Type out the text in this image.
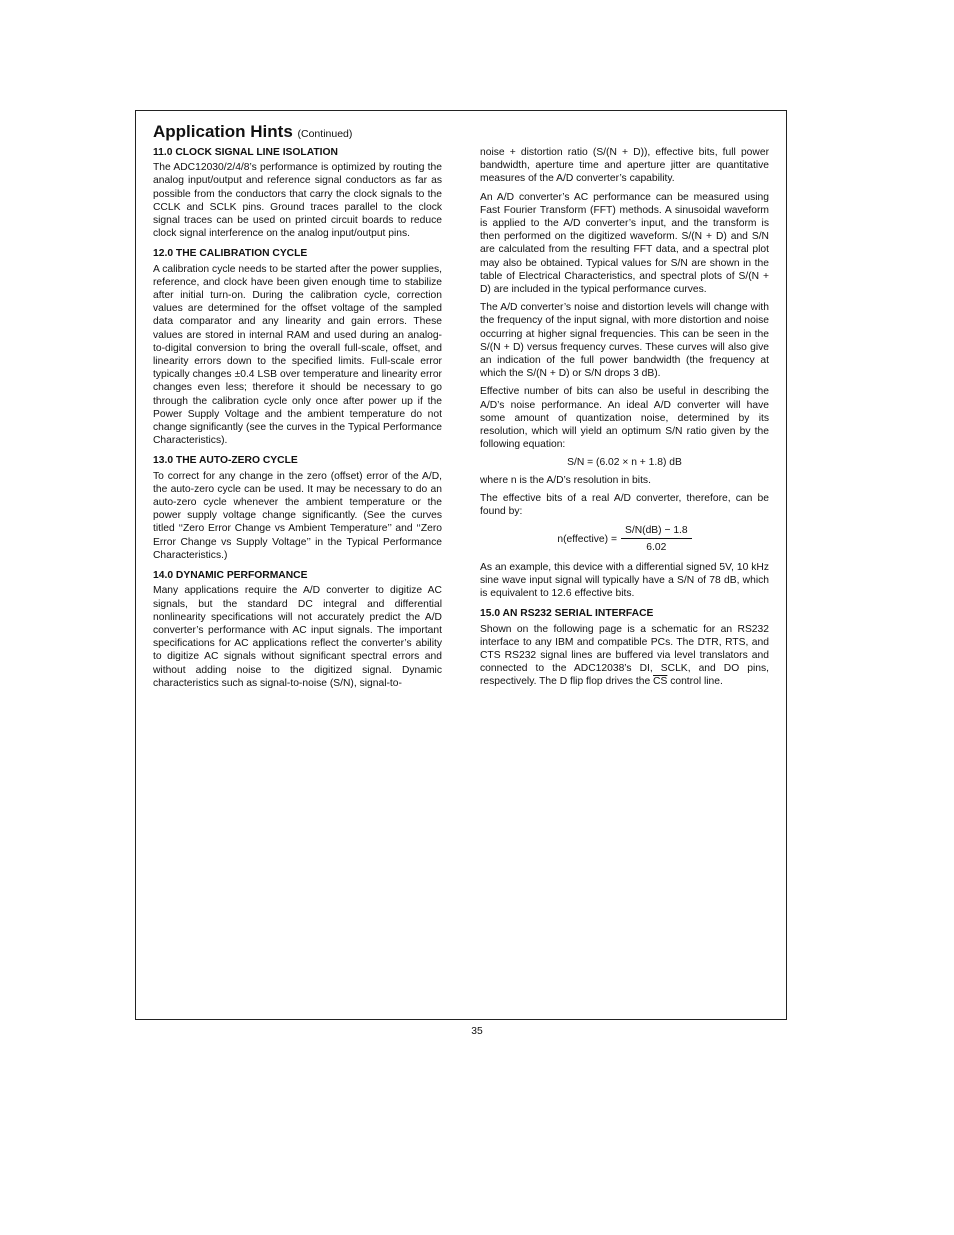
Application Hints (Continued)
11.0 CLOCK SIGNAL LINE ISOLATION

The ADC12030/2/4/8’s performance is optimized by routing the analog input/output and reference signal conductors as far as possible from the conductors that carry the clock signals to the CCLK and SCLK pins. Ground traces parallel to the clock signal traces can be used on printed circuit boards to reduce clock signal interference on the analog input/output pins.

12.0 THE CALIBRATION CYCLE

A calibration cycle needs to be started after the power supplies, reference, and clock have been given enough time to stabilize after initial turn-on. During the calibration cycle, correction values are determined for the offset voltage of the sampled data comparator and any linearity and gain errors. These values are stored in internal RAM and used during an analog-to-digital conversion to bring the overall full-scale, offset, and linearity errors down to the specified limits. Full-scale error typically changes ±0.4 LSB over temperature and linearity error changes even less; therefore it should be necessary to go through the calibration cycle only once after power up if the Power Supply Voltage and the ambient temperature do not change significantly (see the curves in the Typical Performance Characteristics).

13.0 THE AUTO-ZERO CYCLE

To correct for any change in the zero (offset) error of the A/D, the auto-zero cycle can be used. It may be necessary to do an auto-zero cycle whenever the ambient temperature or the power supply voltage change significantly. (See the curves titled ‘‘Zero Error Change vs Ambient Temperature’’ and ‘‘Zero Error Change vs Supply Voltage’’ in the Typical Performance Characteristics.)

14.0 DYNAMIC PERFORMANCE

Many applications require the A/D converter to digitize AC signals, but the standard DC integral and differential nonlinearity specifications will not accurately predict the A/D converter’s performance with AC input signals. The important specifications for AC applications reflect the converter’s ability to digitize AC signals without significant spectral errors and without adding noise to the digitized signal. Dynamic characteristics such as signal-to-noise (S/N), signal-to-

noise + distortion ratio (S/(N + D)), effective bits, full power bandwidth, aperture time and aperture jitter are quantitative measures of the A/D converter’s capability.

An A/D converter’s AC performance can be measured using Fast Fourier Transform (FFT) methods. A sinusoidal waveform is applied to the A/D converter’s input, and the transform is then performed on the digitized waveform. S/(N + D) and S/N are calculated from the resulting FFT data, and a spectral plot may also be obtained. Typical values for S/N are shown in the table of Electrical Characteristics, and spectral plots of S/(N + D) are included in the typical performance curves.

The A/D converter’s noise and distortion levels will change with the frequency of the input signal, with more distortion and noise occurring at higher signal frequencies. This can be seen in the S/(N + D) versus frequency curves. These curves will also give an indication of the full power bandwidth (the frequency at which the S/(N + D) or S/N drops 3 dB).

Effective number of bits can also be useful in describing the A/D’s noise performance. An ideal A/D converter will have some amount of quantization noise, determined by its resolution, which will yield an optimum S/N ratio given by the following equation:

S/N = (6.02 × n + 1.8) dB

where n is the A/D’s resolution in bits.

The effective bits of a real A/D converter, therefore, can be found by:

n(effective) = $\frac{S/N(dB) - 1.8}{6.02}$

As an example, this device with a differential signed 5V, 10 kHz sine wave input signal will typically have a S/N of 78 dB, which is equivalent to 12.6 effective bits.

15.0 AN RS232 SERIAL INTERFACE

Shown on the following page is a schematic for an RS232 interface to any IBM and compatible PCs. The DTR, RTS, and CTS RS232 signal lines are buffered via level translators and connected to the ADC12038’s DI, SCLK, and DO pins, respectively. The D flip flop drives the $\overline{CS}$ control line.

35
